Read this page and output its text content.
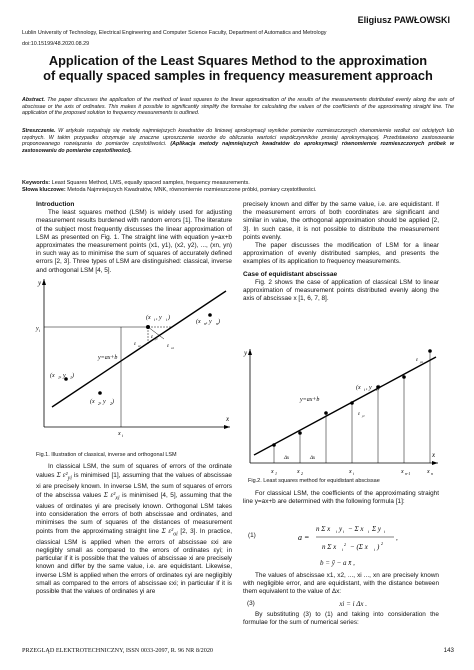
Eligiusz PAWŁOWSKI
Lublin University of Technology, Electrical Engineering and Computer Science Faculty, Department of Automatics and Metrology
doi:10.15199/48.2020.08.29
Application of the Least Squares Method to the approximation
of equally spaced samples in frequency measurement approach
Abstract. The paper discusses the application of the method of least squares to the linear approximation of the results of the measurements distributed evenly along the axis of abscissae or the axis of ordinates. This makes it possible to significantly simplify the formulae for calculating the values of the coefficients of the approximating straight line. The application of the proposed solution to frequency measurements is outlined.
Streszczenie. W artykule rozpatruję się metodę najmniejszych kwadratów do liniowej aproksymacji wyników pomiarów rozmieszczonych równomiernie wzdłuż osi odciętych lub rzędnych. W takim przypadku otrzymuje się znaczne uproszczenie wzorów do obliczania wartości współczynników prostej aproksymującej. Przedstawiono zastosowanie proponowanego rozwiązania do pomiarów częstotliwości. (Aplikacja metody najmniejszych kwadratów do aproksymacji równomiernie rozmieszczonych próbek w zastosowaniu do pomiarów częstotliwości).
Keywords: Least Squares Method, LMS, equally spaced samples, frequency measurements.
Słowa kluczowe: Metoda Najmniejszych Kwadratów, MNK, równomiernie rozmieszczone próbki, pomiary częstotliwości.
Introduction

The least squares method (LSM) is widely used for adjusting measurement results burdened with random errors [1]. The literature of the subject most frequently discusses the linear approximation of LSM as presented on Fig. 1. The straight line with equation y=ax+b approximates the measurement points (x1, y1), (x2, y2), ..., (xn, yn) in such way as to minimise the sum of squares of accurately defined errors [2, 3]. Three types of LSM are distinguished: classical, inverse and orthogonal LSM [4, 5].

y
x
y i
x i
(x i , y i )
(x 1 , y 1 )
(x 2 , y 2 )
(x n , y n )
y=ax+b
ε xi
ε yi
ε oi
Fig.1. Illustration of classical, inverse and orthogonal LSM

In classical LSM, the sum of squares of errors of the ordinate values Σ $\varepsilon^2_{yi}$ is minimised [1], assuming that the values of abscissae xi are precisely known. In inverse LSM, the sum of squares of errors of the abscissa values Σ $\varepsilon^2_{xi}$ is minimised [4, 5], assuming that the values of ordinates yi are precisely known. Orthogonal LSM takes into consideration the errors of both abscissae and ordinates, and minimises the sum of squares of the distances of measurement points from the approximating straight line Σ $\varepsilon^2_{oi}$ [2, 3]. In practice, classical LSM is applied when the errors of abscissae εxi are negligibly small as compared to the errors of ordinates εyi; in particular if it is possible that the values of abscissae xi are precisely known and differ by the same value, i.e. are equidistant. Likewise, inverse LSM is applied when the errors of ordinates εyi are negligibly small as compared to the errors of abscissae εxi; in particular if it is possible that the values of ordinates yi are

precisely known and differ by the same value, i.e. are equidistant. If the measurement errors of both coordinates are significant and similar in value, the orthogonal approximation should be applied [2, 3]. In such case, it is not possible to distribute the measurement points evenly.

The paper discusses the modification of LSM for a linear approximation of evenly distributed samples, and presents the examples of its application to frequency measurements.

Case of equidistant abscissae

Fig. 2 shows the case of application of classical LSM to linear approximation of measurement points distributed evenly along the axis of abscissae x [1, 6, 7, 8].

y
x
x 1	x 2	x i	x n-1	x n
Δx	Δx
y=ax+b
(x i , y i )
ε yn
ε yi
Fig.2. Least squares method for equidistant abscissae

For classical LSM, the coefficients of the approximating straight line y=ax+b are determined with the following formula [1]:

(1)	a =
n Σ x i y i − Σ x i Σ y i
n Σ x i
2 − (Σ x i ) 2
,
b = ȳ − a x̄ ,

The values of abscissae x1, x2, ..., xi ..., xn are precisely known with negligible error, and are equidistant, with the distance between them equivalent to the value of Δx:

(3)	xi = i Δx .

By substituting (3) to (1) and taking into consideration the formulae for the sum of numerical series:

PRZEGLĄD ELEKTROTECHNICZNY, ISSN 0033-2097, R. 96 NR 8/2020	143
